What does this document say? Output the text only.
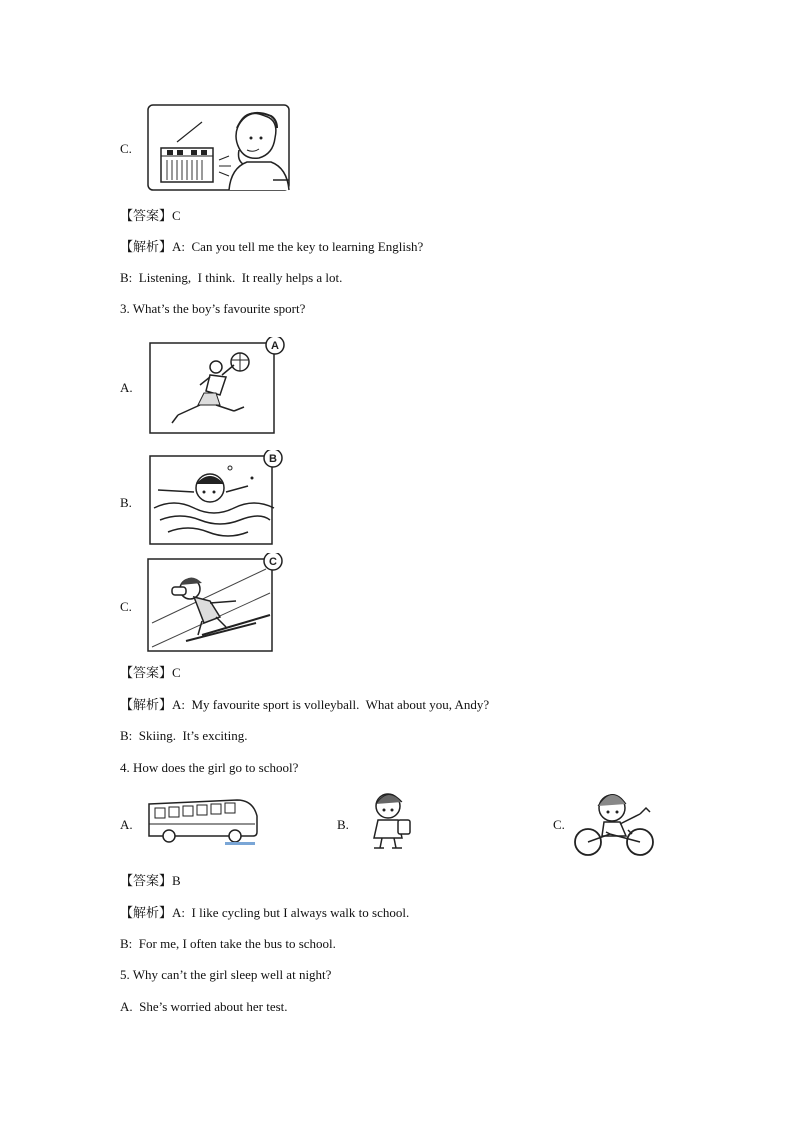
C.
【答案】C
【解析】A:  Can you tell me the key to learning English?
B:  Listening,  I think.  It really helps a lot.
3. What’s the boy’s favourite sport?
A.
A
B.
B
C.
C
【答案】C
【解析】A:  My favourite sport is volleyball.  What about you, Andy?
B:  Skiing.  It’s exciting.
4. How does the girl go to school?
A.	B.	C.
【答案】B
【解析】A:  I like cycling but I always walk to school.
B:  For me, I often take the bus to school.
5. Why can’t the girl sleep well at night?
A.  She’s worried about her test.
